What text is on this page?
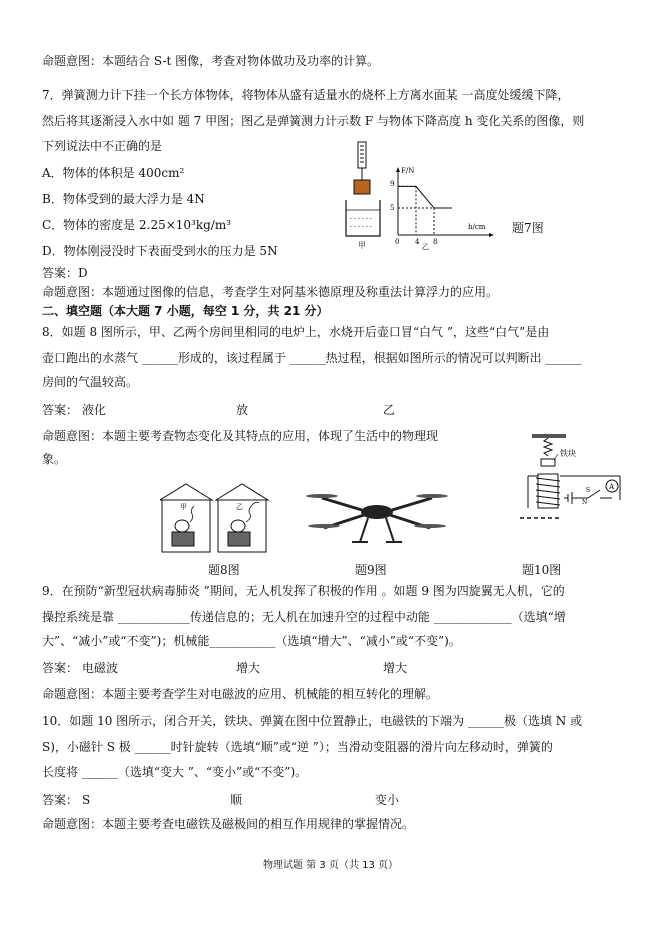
命题意图：本题结合 S-t 图像，考查对物体做功及功率的计算。
7．弹簧测力计下挂一个长方体物体，将物体从盛有适量水的烧杯上方离水面某 一高度处缓缓下降，
然后将其逐渐浸入水中如 题 7 甲图；图乙是弹簧测力计示数 F 与物体下降高度 h 变化关系的图像，则
下列说法中不正确的是
A．物体的体积是 400cm²
B．物体受到的最大浮力是 4N
C．物体的密度是 2.25×10³kg/m³
D．物体刚浸没时下表面受到水的压力是 5N
答案：D
命题意图：本题通过图像的信息，考查学生对阿基米德原理及称重法计算浮力的应用。
二、填空题（本大题 7 小题，每空 1 分，共 21 分）
8．如题 8 图所示，甲、乙两个房间里相同的电炉上，水烧开后壶口冒“白气 ”，这些“白气”是由
壶口跑出的水蒸气 ______形成的，该过程属于 ______热过程，根据如图所示的情况可以判断出 ______
房间的气温较高。
答案： 液化	放	乙
命题意图：本题主要考查物态变化及其特点的应用，体现了生活中的物理现
象。
9．在预防“新型冠状病毒肺炎 ”期间，无人机发挥了积极的作用 。如题 9 图为四旋翼无人机，它的
操控系统是靠 ____________传递信息的；无人机在加速升空的过程中动能 _____________（选填“增
大”、“减小”或“不变”)；机械能___________（选填“增大”、“减小”或“不变”)。
答案： 电磁波	增大	增大
命题意图：本题主要考查学生对电磁波的应用、机械能的相互转化的理解。
10．如题 10 图所示，闭合开关，铁块、弹簧在图中位置静止，电磁铁的下端为 ______极（选填 N 或
S)，小磁针 S 极 ______时针旋转（选填“顺”或“逆 ”）；当滑动变阻器的滑片向左移动时，弹簧的
长度将 ______（选填“变大 ”、“变小”或“不变”)。
答案： S	顺	变小
命题意图：本题主要考查电磁铁及磁极间的相互作用规律的掌握情况。
- - - - - -
- - - - - -
甲
F/N
h/cm
9
5
0 4 8
乙
题7图
甲	乙
题8图	题9图
铁块
A
S
N
题10图
物理试题 第 3 页（共 13 页）
